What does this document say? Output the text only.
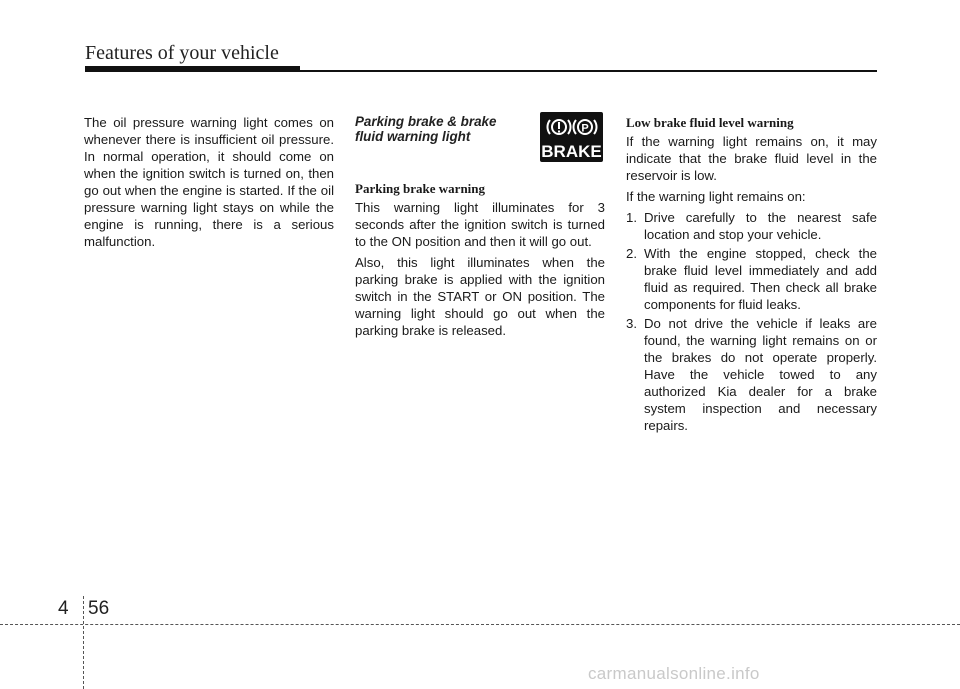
Features of your vehicle

The oil pressure warning light comes on whenever there is insufficient oil pressure. In normal operation, it should come on when the ignition switch is turned on, then go out when the engine is started. If the oil pressure warning light stays on while the engine is running, there is a serious malfunction.

Parking brake & brake
fluid warning light
Parking brake warning

This warning light illuminates for 3 seconds after the ignition switch is turned to the ON position and then it will go out.

Also, this light illuminates when the parking brake is applied with the ignition switch in the START or ON position. The warning light should go out when the parking brake is released.

P
BRAKE
Low brake fluid level warning

If the warning light remains on, it may indicate that the brake fluid level in the reservoir is low.

If the warning light remains on:

1. Drive carefully to the nearest safe location and stop your vehicle.
2. With the engine stopped, check the brake fluid level immediately and add fluid as required. Then check all brake components for fluid leaks.
3. Do not drive the vehicle if leaks are found, the warning light remains on or the brakes do not operate properly. Have the vehicle towed to any authorized Kia dealer for a brake system inspection and necessary repairs.
4 56
carmanualsonline.info
